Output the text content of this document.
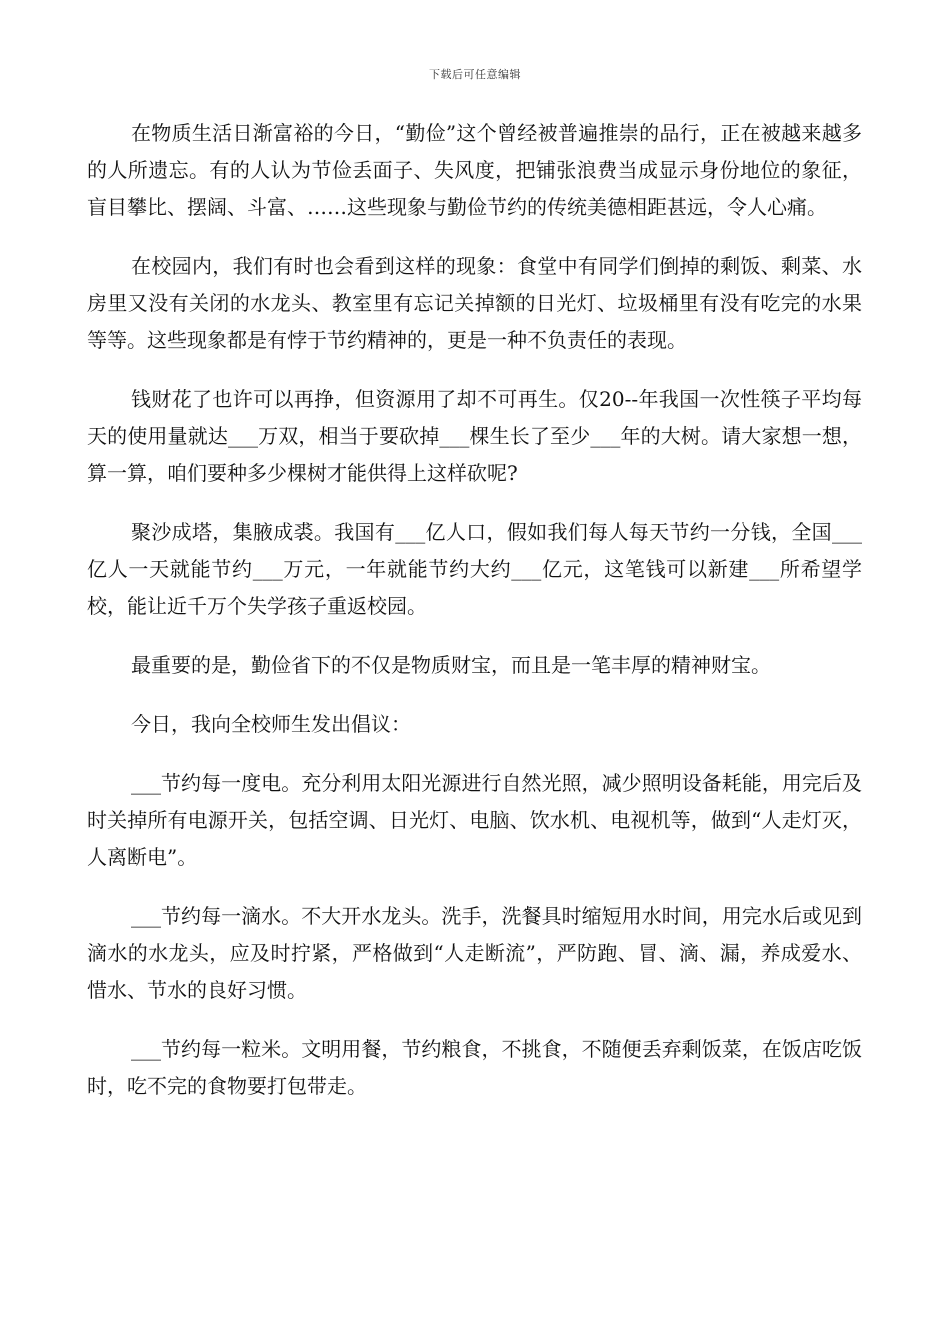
下载后可任意编辑

在物质生活日渐富裕的今日，“勤俭”这个曾经被普遍推崇的品行，正在被越来越多的人所遗忘。有的人认为节俭丢面子、失风度，把铺张浪费当成显示身份地位的象征，盲目攀比、摆阔、斗富、……这些现象与勤俭节约的传统美德相距甚远，令人心痛。

在校园内，我们有时也会看到这样的现象：食堂中有同学们倒掉的剩饭、剩菜、水房里又没有关闭的水龙头、教室里有忘记关掉额的日光灯、垃圾桶里有没有吃完的水果等等。这些现象都是有悖于节约精神的，更是一种不负责任的表现。

钱财花了也许可以再挣，但资源用了却不可再生。仅20--年我国一次性筷子平均每天的使用量就达___万双，相当于要砍掉___棵生长了至少___年的大树。请大家想一想，算一算，咱们要种多少棵树才能供得上这样砍呢?

聚沙成塔，集腋成裘。我国有___亿人口，假如我们每人每天节约一分钱，全国___亿人一天就能节约___万元，一年就能节约大约___亿元，这笔钱可以新建___所希望学校，能让近千万个失学孩子重返校园。

最重要的是，勤俭省下的不仅是物质财宝，而且是一笔丰厚的精神财宝。

今日，我向全校师生发出倡议：

___节约每一度电。充分利用太阳光源进行自然光照，减少照明设备耗能，用完后及时关掉所有电源开关，包括空调、日光灯、电脑、饮水机、电视机等，做到“人走灯灭，人离断电”。

___节约每一滴水。不大开水龙头。洗手，洗餐具时缩短用水时间，用完水后或见到滴水的水龙头，应及时拧紧，严格做到“人走断流”，严防跑、冒、滴、漏，养成爱水、惜水、节水的良好习惯。

___节约每一粒米。文明用餐，节约粮食，不挑食，不随便丢弃剩饭菜，在饭店吃饭时，吃不完的食物要打包带走。
